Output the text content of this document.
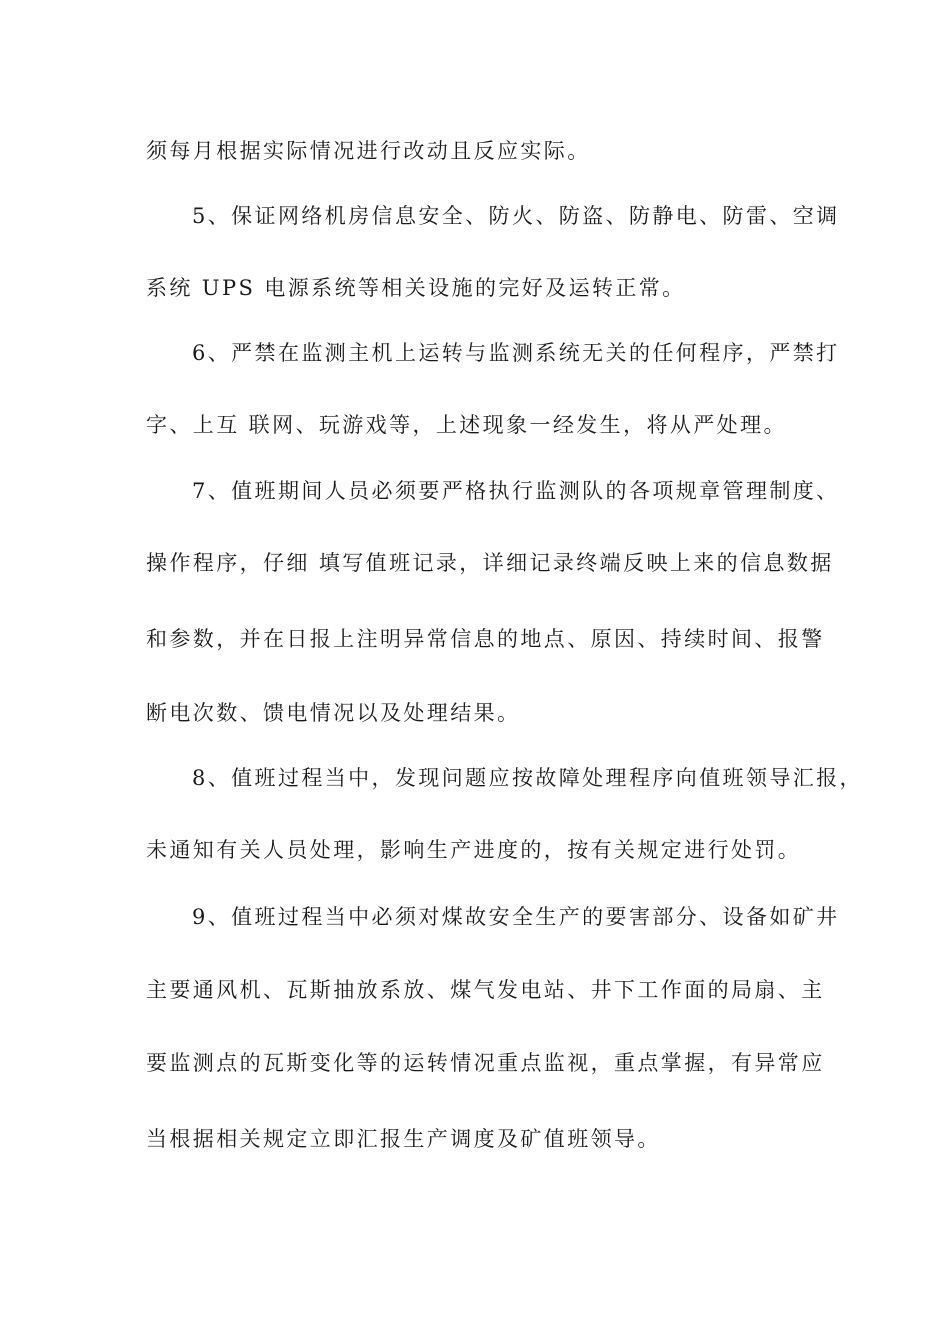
须每月根据实际情况进行改动且反应实际。
5、保证网络机房信息安全、防火、防盗、防静电、防雷、空调
系统 UPS 电源系统等相关设施的完好及运转正常。
6、严禁在监测主机上运转与监测系统无关的任何程序，严禁打
字、上互 联网、玩游戏等，上述现象一经发生，将从严处理。
7、值班期间人员必须要严格执行监测队的各项规章管理制度、
操作程序，仔细 填写值班记录，详细记录终端反映上来的信息数据
和参数，并在日报上注明异常信息的地点、原因、持续时间、报警
断电次数、馈电情况以及处理结果。
8、值班过程当中，发现问题应按故障处理程序向值班领导汇报，
未通知有关人员处理，影响生产进度的，按有关规定进行处罚。
9、值班过程当中必须对煤故安全生产的要害部分、设备如矿井
主要通风机、瓦斯抽放系放、煤气发电站、井下工作面的局扇、主
要监测点的瓦斯变化等的运转情况重点监视，重点掌握，有异常应
当根据相关规定立即汇报生产调度及矿值班领导。
